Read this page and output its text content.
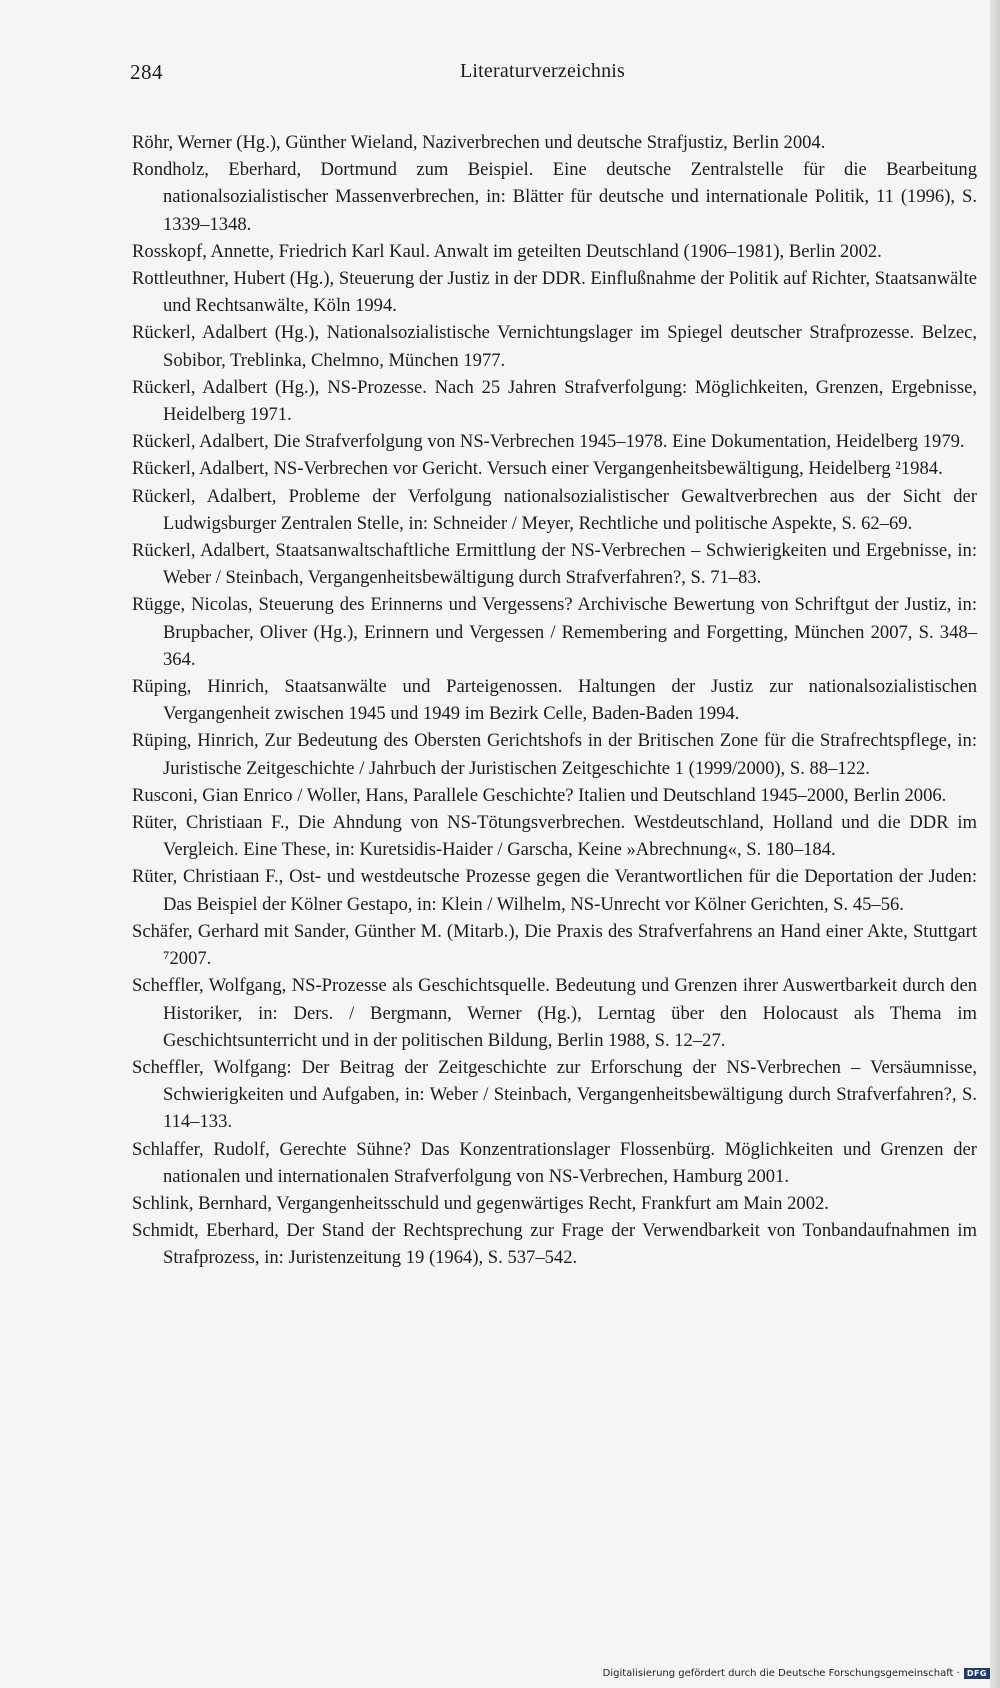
284	Literaturverzeichnis

Röhr, Werner (Hg.), Günther Wieland, Naziverbrechen und deutsche Strafjustiz, Berlin 2004.

Rondholz, Eberhard, Dortmund zum Beispiel. Eine deutsche Zentralstelle für die Bearbeitung nationalsozialistischer Massenverbrechen, in: Blätter für deutsche und internationale Politik, 11 (1996), S. 1339–1348.

Rosskopf, Annette, Friedrich Karl Kaul. Anwalt im geteilten Deutschland (1906–1981), Berlin 2002.

Rottleuthner, Hubert (Hg.), Steuerung der Justiz in der DDR. Einflußnahme der Politik auf Richter, Staatsanwälte und Rechtsanwälte, Köln 1994.

Rückerl, Adalbert (Hg.), Nationalsozialistische Vernichtungslager im Spiegel deutscher Strafprozesse. Belzec, Sobibor, Treblinka, Chelmno, München 1977.

Rückerl, Adalbert (Hg.), NS-Prozesse. Nach 25 Jahren Strafverfolgung: Möglichkeiten, Grenzen, Ergebnisse, Heidelberg 1971.

Rückerl, Adalbert, Die Strafverfolgung von NS-Verbrechen 1945–1978. Eine Dokumentation, Heidelberg 1979.

Rückerl, Adalbert, NS-Verbrechen vor Gericht. Versuch einer Vergangenheitsbewältigung, Heidelberg ²1984.

Rückerl, Adalbert, Probleme der Verfolgung nationalsozialistischer Gewaltverbrechen aus der Sicht der Ludwigsburger Zentralen Stelle, in: Schneider / Meyer, Rechtliche und politische Aspekte, S. 62–69.

Rückerl, Adalbert, Staatsanwaltschaftliche Ermittlung der NS-Verbrechen – Schwierigkeiten und Ergebnisse, in: Weber / Steinbach, Vergangenheitsbewältigung durch Strafverfahren?, S. 71–83.

Rügge, Nicolas, Steuerung des Erinnerns und Vergessens? Archivische Bewertung von Schriftgut der Justiz, in: Brupbacher, Oliver (Hg.), Erinnern und Vergessen / Remembering and Forgetting, München 2007, S. 348–364.

Rüping, Hinrich, Staatsanwälte und Parteigenossen. Haltungen der Justiz zur nationalsozialistischen Vergangenheit zwischen 1945 und 1949 im Bezirk Celle, Baden-Baden 1994.

Rüping, Hinrich, Zur Bedeutung des Obersten Gerichtshofs in der Britischen Zone für die Strafrechtspflege, in: Juristische Zeitgeschichte / Jahrbuch der Juristischen Zeitgeschichte 1 (1999/2000), S. 88–122.

Rusconi, Gian Enrico / Woller, Hans, Parallele Geschichte? Italien und Deutschland 1945–2000, Berlin 2006.

Rüter, Christiaan F., Die Ahndung von NS-Tötungsverbrechen. Westdeutschland, Holland und die DDR im Vergleich. Eine These, in: Kuretsidis-Haider / Garscha, Keine »Abrechnung«, S. 180–184.

Rüter, Christiaan F., Ost- und westdeutsche Prozesse gegen die Verantwortlichen für die Deportation der Juden: Das Beispiel der Kölner Gestapo, in: Klein / Wilhelm, NS-Unrecht vor Kölner Gerichten, S. 45–56.

Schäfer, Gerhard mit Sander, Günther M. (Mitarb.), Die Praxis des Strafverfahrens an Hand einer Akte, Stuttgart ⁷2007.

Scheffler, Wolfgang, NS-Prozesse als Geschichtsquelle. Bedeutung und Grenzen ihrer Auswertbarkeit durch den Historiker, in: Ders. / Bergmann, Werner (Hg.), Lerntag über den Holocaust als Thema im Geschichtsunterricht und in der politischen Bildung, Berlin 1988, S. 12–27.

Scheffler, Wolfgang: Der Beitrag der Zeitgeschichte zur Erforschung der NS-Verbrechen – Versäumnisse, Schwierigkeiten und Aufgaben, in: Weber / Steinbach, Vergangenheitsbewältigung durch Strafverfahren?, S. 114–133.

Schlaffer, Rudolf, Gerechte Sühne? Das Konzentrationslager Flossenbürg. Möglichkeiten und Grenzen der nationalen und internationalen Strafverfolgung von NS-Verbrechen, Hamburg 2001.

Schlink, Bernhard, Vergangenheitsschuld und gegenwärtiges Recht, Frankfurt am Main 2002.

Schmidt, Eberhard, Der Stand der Rechtsprechung zur Frage der Verwendbarkeit von Tonbandaufnahmen im Strafprozess, in: Juristenzeitung 19 (1964), S. 537–542.

Digitalisierung gefördert durch die Deutsche Forschungsgemeinschaft · DFG
